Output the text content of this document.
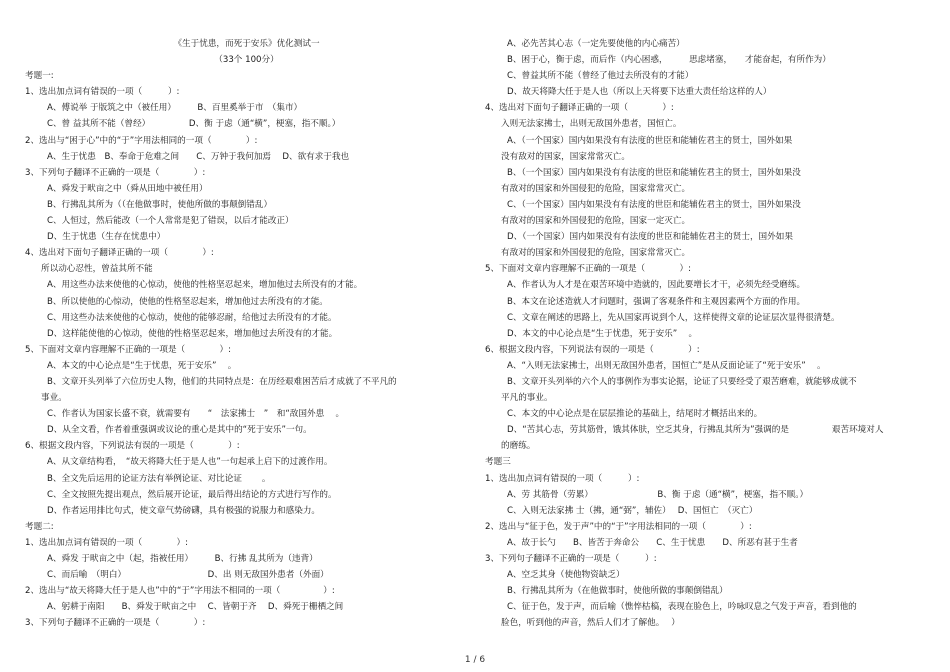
《生于忧患，而死于安乐》优化测试一
（33个 100分）
考题一:
1、选出加点词有错误的一项（　　　）:
A、傅说举 于版筑之中（被任用）　　　B、百里奚举于市　（集市）
C、曾 益其所不能（曾经）　　　　　D、衡 于虑（通“横”，梗塞，指不顺。）
2、选出与“困于心”中的“于”字用法相同的一项（　　　　）:
A、生于忧患　B、奉命于危难之间　　C、万钟于我何加焉　 D、欲有求于我也
3、下列句子翻译不正确的一项是（　　　　）:
A、舜发于畎亩之中（舜从田地中被任用）
B、行拂乱其所为（（在他做事时，使他所做的事颠倒错乱）
C、人恒过，然后能改（一个人常常是犯了错误，以后才能改正）
D、生于忧患（生存在忧患中）
4、选出对下面句子翻译正确的一项（　　　　）:
所以动心忍性，曾益其所不能
A、用这些办法来使他的心惊动，使他的性格坚忍起来，增加他过去所没有的才能。
B、所以使他的心惊动，使他的性格坚忍起来，增加他过去所没有的才能。
C、用这些办法来使他的心惊动，使他的能够忍耐，给他过去所没有的才能。
D、这样能使他的心惊动，使他的性格坚忍起来，增加他过去所没有的才能。
5、下面对文章内容理解不正确的一项是（　　　　）:
A、本文的中心论点是“生于忧患，死于安乐”　 。
B、文章开头列举了六位历史人物，他们的共同特点是：在历经艰难困苦后才成就了不平凡的
事业。
C、作者认为国家长盛不衰，就需要有　　“　法家拂士　”　和“敌国外患　 。
D、从全文看，作者着重强调或议论的重心是其中的“死于安乐”一句。
6、根据文段内容，下列说法有误的一项是（　　　　）:
A、从文章结构看，　“故天将降大任于是人也”一句起承上启下的过渡作用。
B、全文先后运用的论证方法有举例论证、对比论证　　 。
C、全文按照先提出观点，然后展开论证，最后得出结论的方式进行写作的。
D、作者运用排比句式，使文章气势磅礴，具有极强的说服力和感染力。
考题二:
1、选出加点词有错误的一项（　　　　）:
A、舜发 于畎亩之中（起，指被任用）　　　B、行拂 乱其所为（违背）
C、而后喻　（明白）　　　　　　　　　　D、出 则无敌国外患者（外面）
2、选出与“故天将降大任于是人也”中的“于”字用法不相同的一项（　　　　　）:
A、躬耕于南阳　　B、舜发于畎亩之中　 C、皆朝于齐　 D、舜死于栅栖之间
3、下列句子翻译不正确的一项是（　　　　）:
A、必先苦其心志（一定先要使他的内心痛苦）
B、困于心，衡于虑，而后作（内心困惑，　　　思虑堵塞，　　才能奋起，有所作为）
C、曾益其所不能（曾经了他过去所没有的才能）
D、故天将降大任于是人也（所以上天将要下达重大责任给这样的人）
4、选出对下面句子翻译正确的一项（　　　　）:
入则无法家拂士，出则无敌国外患者，国恒亡。
A、（一个国家）国内如果没有有法度的世臣和能辅佐君主的贤士，国外如果
没有敌对的国家，国家常常灭亡。
B、（一个国家）国内如果没有有法度的世臣和能辅佐君主的贤士，国外如果没
有敌对的国家和外国侵犯的危险，国家常常灭亡。
C、（一个国家）国内如果没有有法度的世臣和能辅佐君主的贤士，国外如果没
有敌对的国家和外国侵犯的危险，国家一定灭亡。
D、（一个国家）国内如果没有有法度的世臣和能辅佐君主的贤士，国外如果
有敌对的国家和外国侵犯的危险，国家常常灭亡。
5、下面对文章内容理解不正确的一项是（　　　　）:
A、作者认为人才是在艰苦环境中造就的，因此要增长才干，必须先经受磨练。
B、本文在论述造就人才问题时，强调了客观条件和主观因素两个方面的作用。
C、文章在阐述的思路上，先从国家再说到个人，这样使得文章的论证层次显得很清楚。
D、本文的中心论点是“生于忧患，死于安乐”　 。
6、根据文段内容，下列说法有误的一项是（　　　　）:
A、“入则无法家拂士，出则无敌国外患者，国恒亡”是从反面论证了“死于安乐”　 。
B、文章开头列举的六个人的事例作为事实论据，论证了只要经受了艰苦磨难，就能够成就不
平凡的事业。
C、本文的中心论点是在层层推论的基础上，结尾时才概括出来的。
D、“苦其心志，劳其筋骨，饿其体肤，空乏其身，行拂乱其所为”强调的是　　　　　艰苦环境对人
的磨练。
考题三
1、选出加点词有错误的一项（　　　）:
A、劳 其筋骨（劳累）　　　　　　　　B、衡 于虑（通“横”，梗塞，指不顺。）
C、入则无法家拂 士（拂，通“弼”，辅佐）　 D、国恒亡　（灭亡）
2、选出与“征于色，发于声”中的“于”字用法相同的一项（　　　　）:
A、故于长勺　　B、皆苦于奔命公　　C、生于忧患　　D、所恶有甚于生者
3、下列句子翻译不正确的一项是（　　　）:
A、空乏其身（使他物资缺乏）
B、行拂乱其所为（在他做事时，使他所做的事颠倒错乱）
C、征于色，发于声，而后喻（憔悴枯槁，表现在脸色上，吟咏叹息之气发于声音，看到他的
脸色，听到他的声音，然后人们才了解他。　 ）
1 / 6
